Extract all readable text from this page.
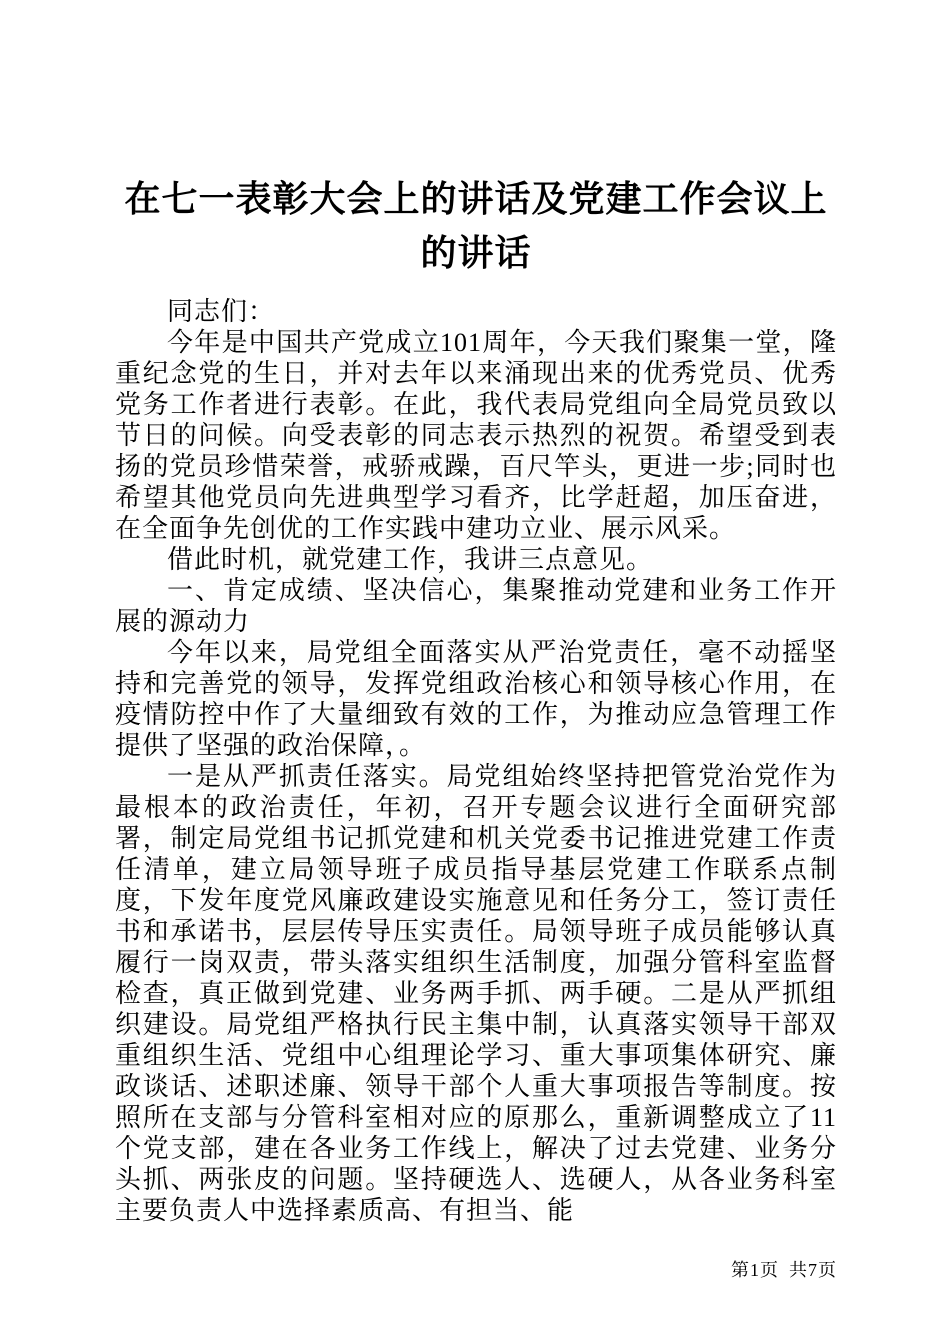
在七一表彰大会上的讲话及党建工作会议上的讲话

同志们：

今年是中国共产党成立101周年，今天我们聚集一堂，隆重纪念党的生日，并对去年以来涌现出来的优秀党员、优秀党务工作者进行表彰。在此，我代表局党组向全局党员致以节日的问候。向受表彰的同志表示热烈的祝贺。希望受到表扬的党员珍惜荣誉，戒骄戒躁，百尺竿头，更进一步;同时也希望其他党员向先进典型学习看齐，比学赶超，加压奋进，在全面争先创优的工作实践中建功立业、展示风采。

借此时机，就党建工作，我讲三点意见。

一、肯定成绩、坚决信心，集聚推动党建和业务工作开展的源动力

今年以来，局党组全面落实从严治党责任，毫不动摇坚持和完善党的领导，发挥党组政治核心和领导核心作用，在疫情防控中作了大量细致有效的工作，为推动应急管理工作提供了坚强的政治保障，。

一是从严抓责任落实。局党组始终坚持把管党治党作为最根本的政治责任，年初，召开专题会议进行全面研究部署，制定局党组书记抓党建和机关党委书记推进党建工作责任清单，建立局领导班子成员指导基层党建工作联系点制度，下发年度党风廉政建设实施意见和任务分工，签订责任书和承诺书，层层传导压实责任。局领导班子成员能够认真履行一岗双责，带头落实组织生活制度，加强分管科室监督检查，真正做到党建、业务两手抓、两手硬。二是从严抓组织建设。局党组严格执行民主集中制，认真落实领导干部双重组织生活、党组中心组理论学习、重大事项集体研究、廉政谈话、述职述廉、领导干部个人重大事项报告等制度。按照所在支部与分管科室相对应的原那么，重新调整成立了11个党支部，建在各业务工作线上，解决了过去党建、业务分头抓、两张皮的问题。坚持硬选人、选硬人，从各业务科室主要负责人中选择素质高、有担当、能

第1页 共7页
